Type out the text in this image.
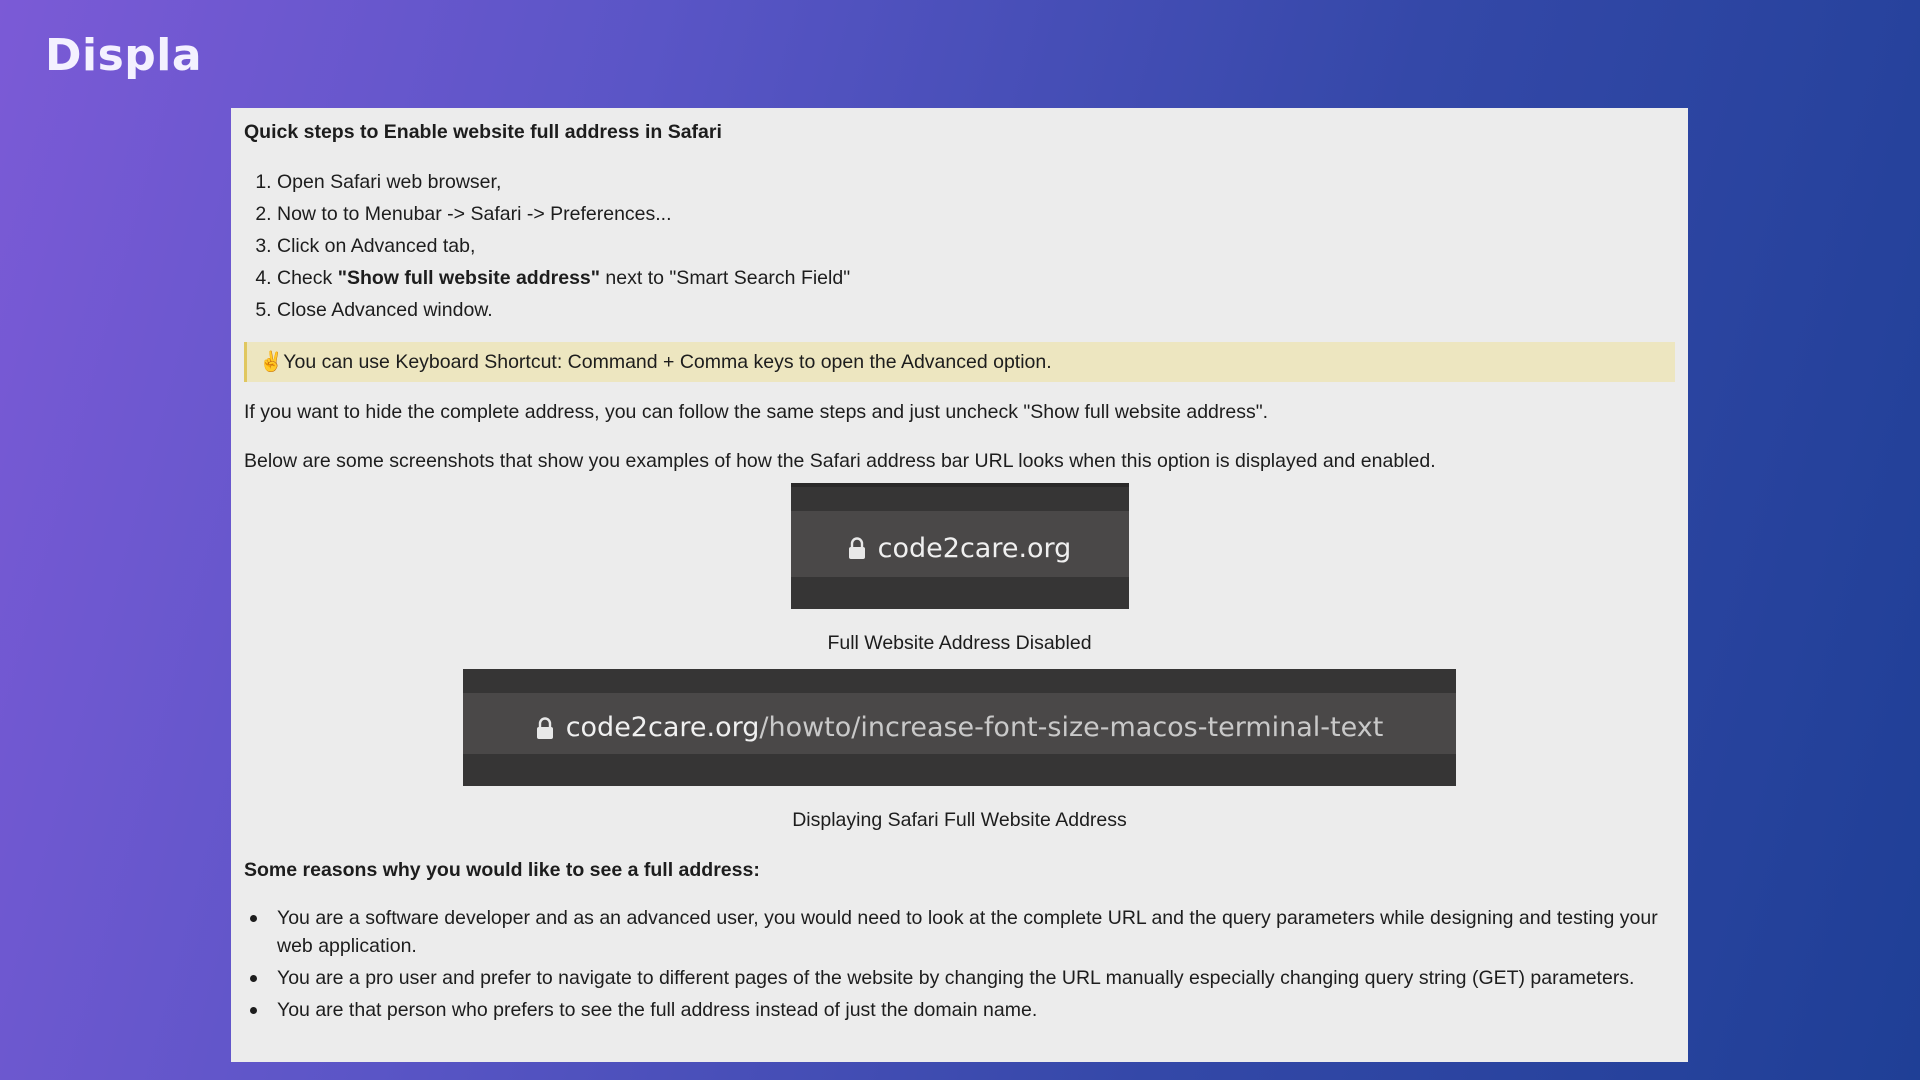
Displa
Quick steps to Enable website full address in Safari
1. Open Safari web browser,
2. Now to to Menubar -> Safari -> Preferences...
3. Click on Advanced tab,
4. Check "Show full website address" next to "Smart Search Field"
5. Close Advanced window.
✌️You can use Keyboard Shortcut: Command + Comma keys to open the Advanced option.

If you want to hide the complete address, you can follow the same steps and just uncheck "Show full website address".

Below are some screenshots that show you examples of how the Safari address bar URL looks when this option is displayed and enabled.

code2care.org
Full Website Address Disabled
code2care.org/howto/increase-font-size-macos-terminal-text
Displaying Safari Full Website Address
Some reasons why you would like to see a full address:
You are a software developer and as an advanced user, you would need to look at the complete URL and the query parameters while designing and testing your web application.
You are a pro user and prefer to navigate to different pages of the website by changing the URL manually especially changing query string (GET) parameters.
You are that person who prefers to see the full address instead of just the domain name.
